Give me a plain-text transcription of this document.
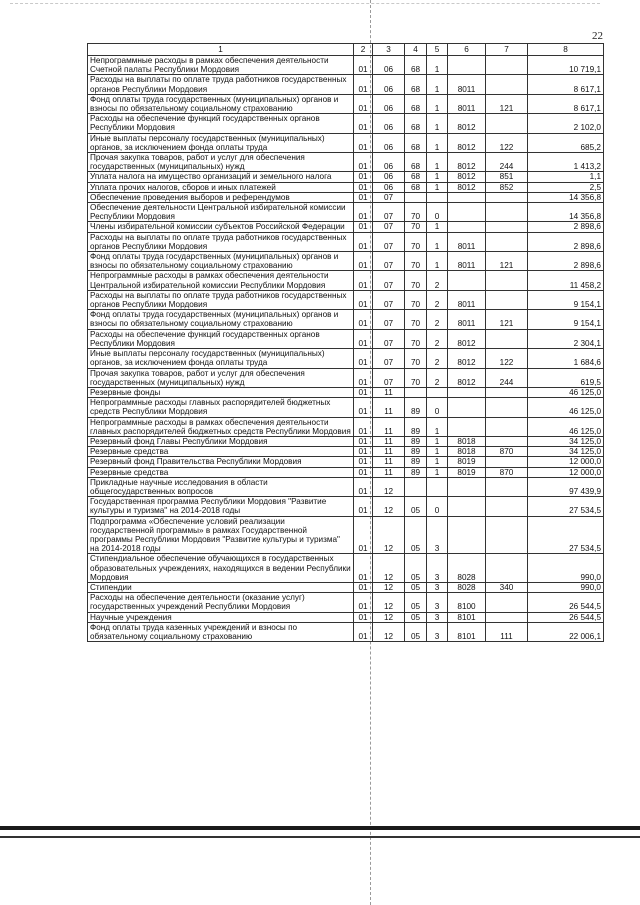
22
1	2	3	4	5	6	7	8
Непрограммные расходы в рамках обеспечения деятельности Счетной палаты Республики Мордовия	01	06	68	1			10 719,1
Расходы на выплаты по оплате труда работников государственных органов Республики Мордовия	01	06	68	1	8011		8 617,1
Фонд оплаты труда государственных (муниципальных) органов и взносы по обязательному социальному страхованию	01	06	68	1	8011	121	8 617,1
Расходы на обеспечение функций государственных органов Республики Мордовия	01	06	68	1	8012		2 102,0
Иные выплаты персоналу государственных (муниципальных) органов, за исключением фонда оплаты труда	01	06	68	1	8012	122	685,2
Прочая закупка товаров, работ и услуг для обеспечения государственных (муниципальных) нужд	01	06	68	1	8012	244	1 413,2
Уплата налога на имущество организаций и земельного налога	01	06	68	1	8012	851	1,1
Уплата прочих налогов, сборов и иных платежей	01	06	68	1	8012	852	2,5
Обеспечение проведения выборов и референдумов	01	07					14 356,8
Обеспечение деятельности Центральной избирательной комиссии Республики Мордовия	01	07	70	0			14 356,8
Члены избирательной комиссии субъектов Российской Федерации	01	07	70	1			2 898,6
Расходы на выплаты по оплате труда работников государственных органов Республики Мордовия	01	07	70	1	8011		2 898,6
Фонд оплаты труда государственных (муниципальных) органов и взносы по обязательному социальному страхованию	01	07	70	1	8011	121	2 898,6
Непрограммные расходы в рамках обеспечения деятельности Центральной избирательной комиссии Республики Мордовия	01	07	70	2			11 458,2
Расходы на выплаты по оплате труда работников государственных органов Республики Мордовия	01	07	70	2	8011		9 154,1
Фонд оплаты труда государственных (муниципальных) органов и взносы по обязательному социальному страхованию	01	07	70	2	8011	121	9 154,1
Расходы на обеспечение функций государственных органов Республики Мордовия	01	07	70	2	8012		2 304,1
Иные выплаты персоналу государственных (муниципальных) органов, за исключением фонда оплаты труда	01	07	70	2	8012	122	1 684,6
Прочая закупка товаров, работ и услуг для обеспечения государственных (муниципальных) нужд	01	07	70	2	8012	244	619,5
Резервные фонды	01	11					46 125,0
Непрограммные расходы главных распорядителей бюджетных средств Республики Мордовия	01	11	89	0			46 125,0
Непрограммные расходы в рамках обеспечения деятельности главных распорядителей бюджетных средств Республики Мордовия	01	11	89	1			46 125,0
Резервный фонд Главы Республики Мордовия	01	11	89	1	8018		34 125,0
Резервные средства	01	11	89	1	8018	870	34 125,0
Резервный фонд Правительства Республики Мордовия	01	11	89	1	8019		12 000,0
Резервные средства	01	11	89	1	8019	870	12 000,0
Прикладные научные исследования в области общегосударственных вопросов	01	12					97 439,9
Государственная программа Республики Мордовия "Развитие культуры и туризма" на 2014-2018 годы	01	12	05	0			27 534,5
Подпрограмма «Обеспечение условий реализации государственной программы» в рамках Государственной программы Республики Мордовия "Развитие культуры и туризма" на 2014-2018 годы	01	12	05	3			27 534,5
Стипендиальное обеспечение обучающихся в государственных образовательных учреждениях, находящихся в ведении Республики Мордовия	01	12	05	3	8028		990,0
Стипендии	01	12	05	3	8028	340	990,0
Расходы на обеспечение деятельности (оказание услуг) государственных учреждений Республики Мордовия	01	12	05	3	8100		26 544,5
Научные учреждения	01	12	05	3	8101		26 544,5
Фонд оплаты труда казенных учреждений и взносы по обязательному социальному страхованию	01	12	05	3	8101	111	22 006,1
